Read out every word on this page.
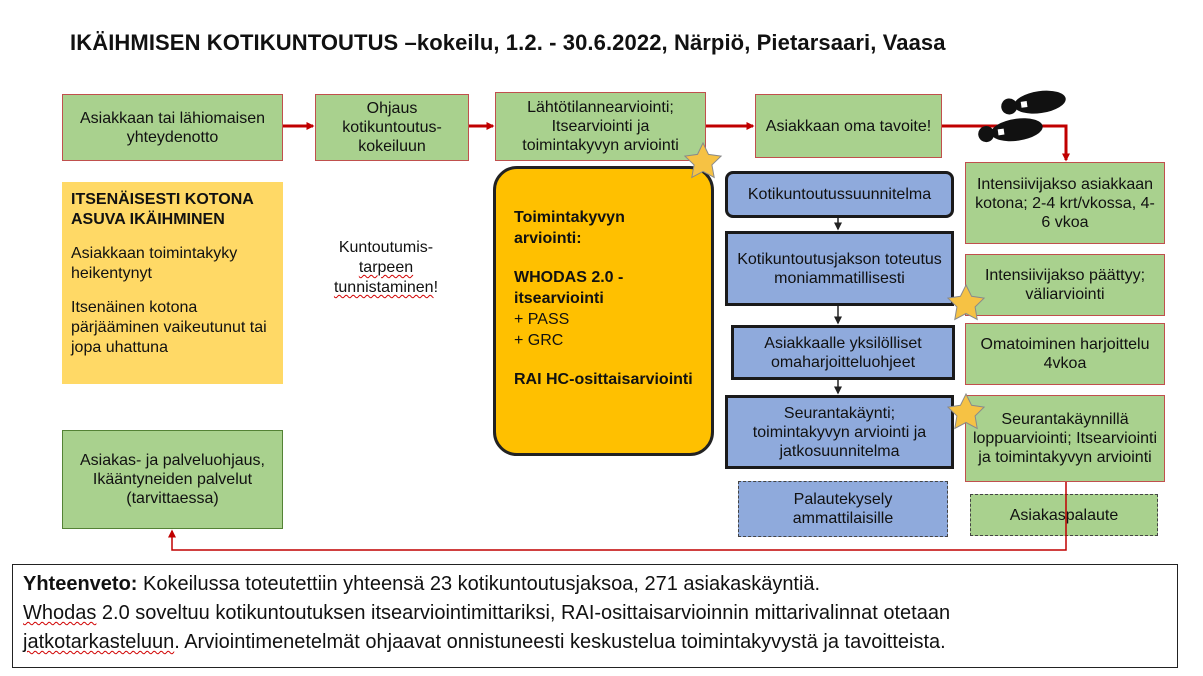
IKÄIHMISEN KOTIKUNTOUTUS –kokeilu, 1.2. - 30.6.2022, Närpiö, Pietarsaari, Vaasa
Asiakkaan tai lähiomaisen yhteydenotto
Ohjaus kotikuntoutus-kokeiluun
Lähtötilannearviointi; Itsearviointi ja toimintakyvyn arviointi
Asiakkaan oma tavoite!
ITSENÄISESTI KOTONA ASUVA IKÄIHMINEN
Asiakkaan toimintakyky heikentynyt
Itsenäinen kotona pärjääminen vaikeutunut tai jopa uhattuna
Kuntoutumis-
tarpeen
tunnistaminen!
Toimintakyvyn arviointi:
WHODAS 2.0 - itsearviointi
+ PASS
+ GRC
RAI HC-osittaisarviointi
Kotikuntoutussuunnitelma
Kotikuntoutusjakson toteutus moniammatillisesti
Asiakkaalle yksilölliset omaharjoitteluohjeet
Seurantakäynti; toimintakyvyn arviointi ja jatkosuunnitelma
Palautekysely ammattilaisille
Intensiivijakso asiakkaan kotona; 2-4 krt/vkossa, 4-6 vkoa
Intensiivijakso päättyy; väliarviointi
Omatoiminen harjoittelu 4vkoa
Seurantakäynnillä loppuarviointi; Itsearviointi ja toimintakyvyn arviointi
Asiakaspalaute
Asiakas- ja palveluohjaus, Ikääntyneiden palvelut (tarvittaessa)
Yhteenveto: Kokeilussa toteutettiin yhteensä 23 kotikuntoutusjaksoa, 271 asiakaskäyntiä.
Whodas 2.0 soveltuu kotikuntoutuksen itsearviointimittariksi, RAI-osittaisarvioinnin mittarivalinnat otetaan
jatkotarkasteluun. Arviointimenetelmät ohjaavat onnistuneesti keskustelua toimintakyvystä ja tavoitteista.
